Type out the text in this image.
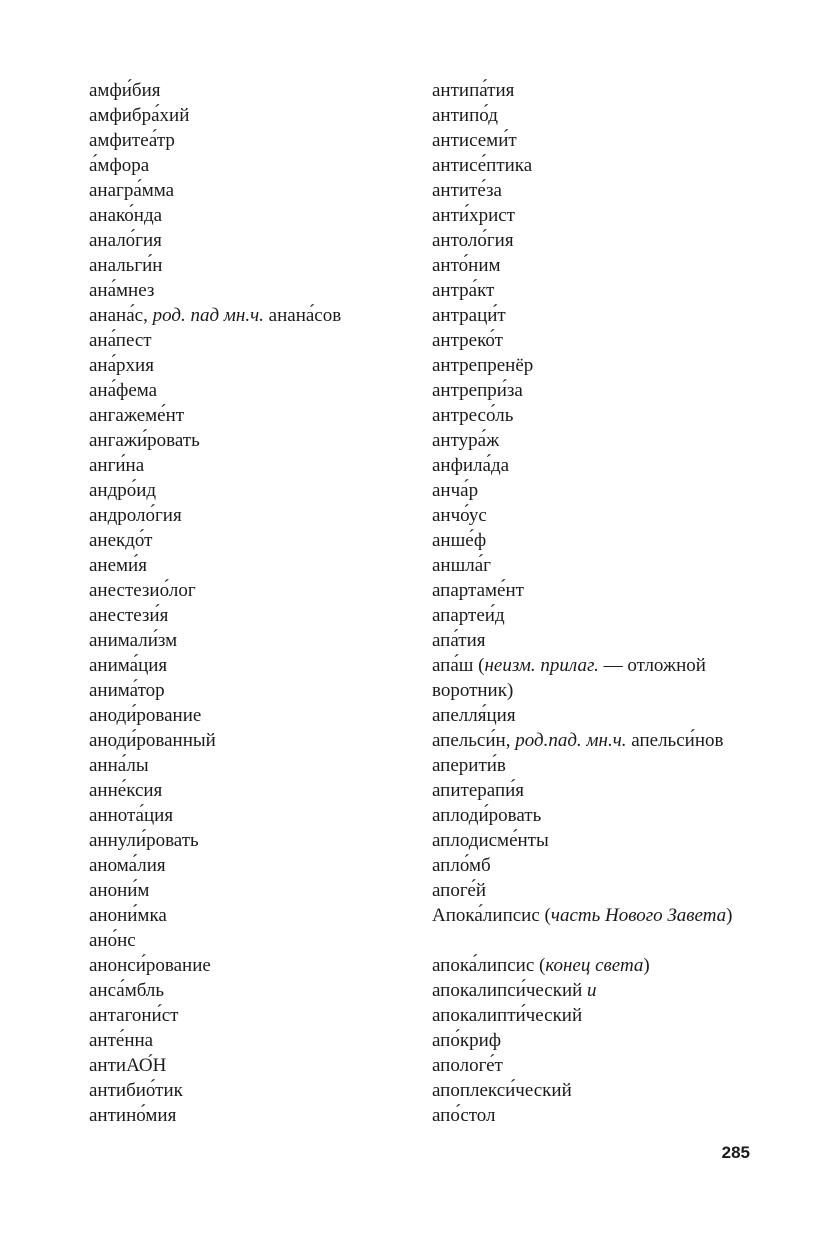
амфи́бия
амфибра́хий
амфитеа́тр
а́мфора
анагра́мма
анако́нда
анало́гия
анальги́н
ана́мнез
анана́с, род. пад мн.ч. анана́сов
ана́пест
ана́рхия
ана́фема
ангажеме́нт
ангажи́ровать
анги́на
андро́ид
андроло́гия
анекдо́т
анеми́я
анестезио́лог
анестези́я
анимали́зм
анима́ция
анима́тор
аноди́рование
аноди́рованный
анна́лы
анне́ксия
аннота́ция
аннули́ровать
анома́лия
анони́м
анони́мка
ано́нс
анонси́рование
анса́мбль
антагони́ст
анте́нна
антиАО́Н
антибио́тик
антино́мия
антипа́тия
антипо́д
антисеми́т
антисе́птика
антите́за
анти́христ
антоло́гия
анто́ним
антра́кт
антраци́т
антреко́т
антрепренёр
антрепри́за
антресо́ль
антура́ж
анфила́да
анча́р
анчо́ус
анше́ф
аншла́г
апартаме́нт
апартеи́д
апа́тия
апа́ш (неизм. прилаг. — отложной воротник)
апелля́ция
апельси́н, род.пад. мн.ч. апельси́нов
аперити́в
апитерапи́я
аплоди́ровать
аплодисме́нты
апло́мб
апоге́й
Апока́липсис (часть Нового Завета)
апока́липсис (конец света)
апокалипси́ческий и
апокалипти́ческий
апо́криф
апологе́т
апоплекси́ческий
апо́стол
285
